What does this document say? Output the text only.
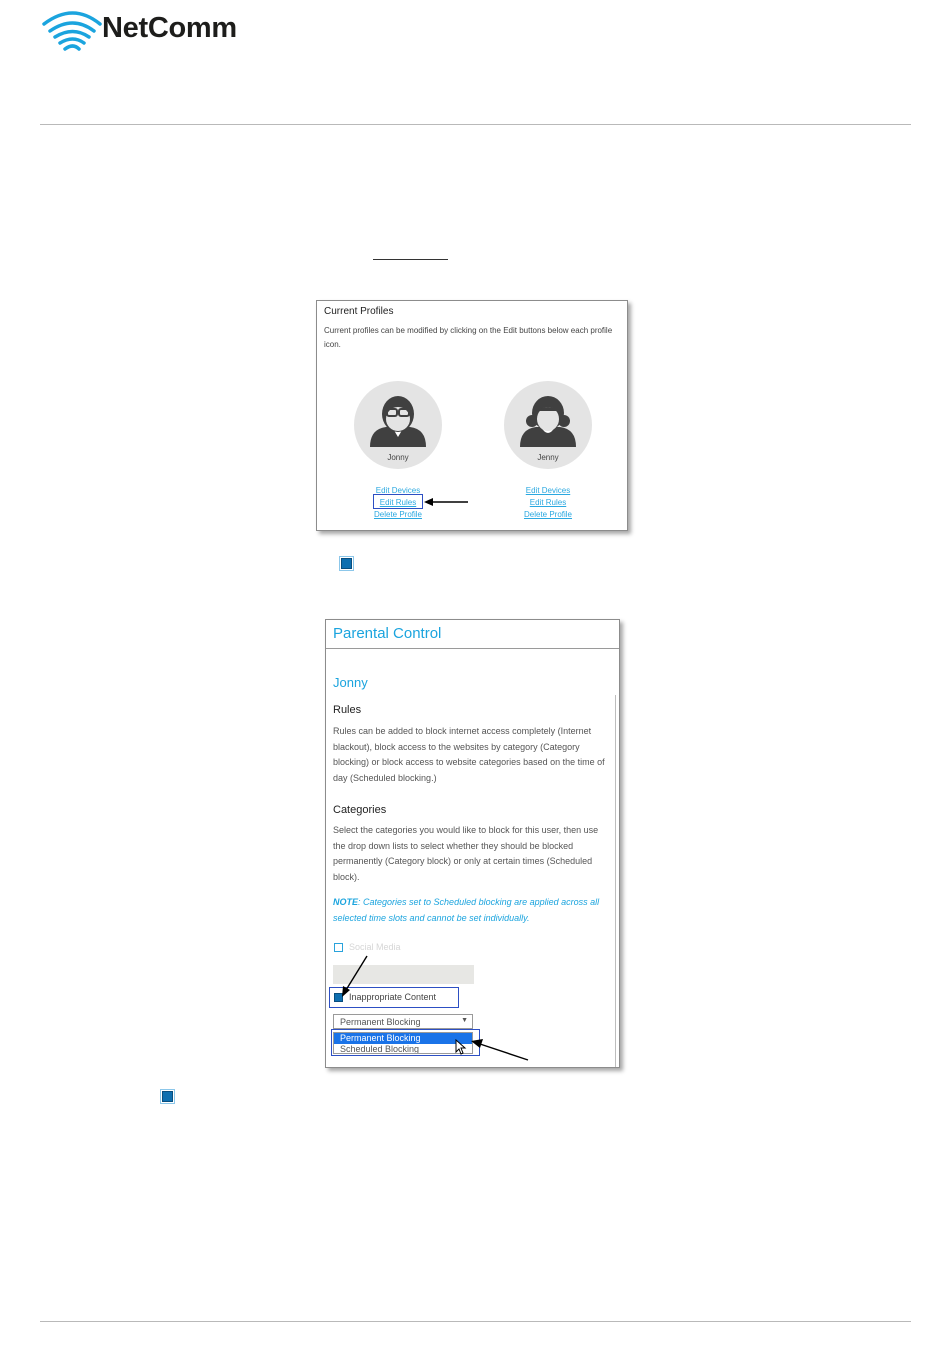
NetComm
Current Profiles
Current profiles can be modified by clicking on the Edit buttons below each profile icon.
Jonny
Edit Devices
Edit Rules
Delete Profile
Jenny
Edit Devices
Edit Rules
Delete Profile
Parental Control
Jonny
Rules
Rules can be added to block internet access completely (Internet blackout), block access to the websites by category (Category blocking) or block access to website categories based on the time of day (Scheduled blocking.)
Categories
Select the categories you would like to block for this user, then use the drop down lists to select whether they should be blocked permanently (Category block) or only at certain times (Scheduled block).
NOTE: Categories set to Scheduled blocking are applied across all selected time slots and cannot be set individually.
Social Media
Inappropriate Content
Permanent Blocking	▼
Permanent Blocking
Scheduled Blocking
